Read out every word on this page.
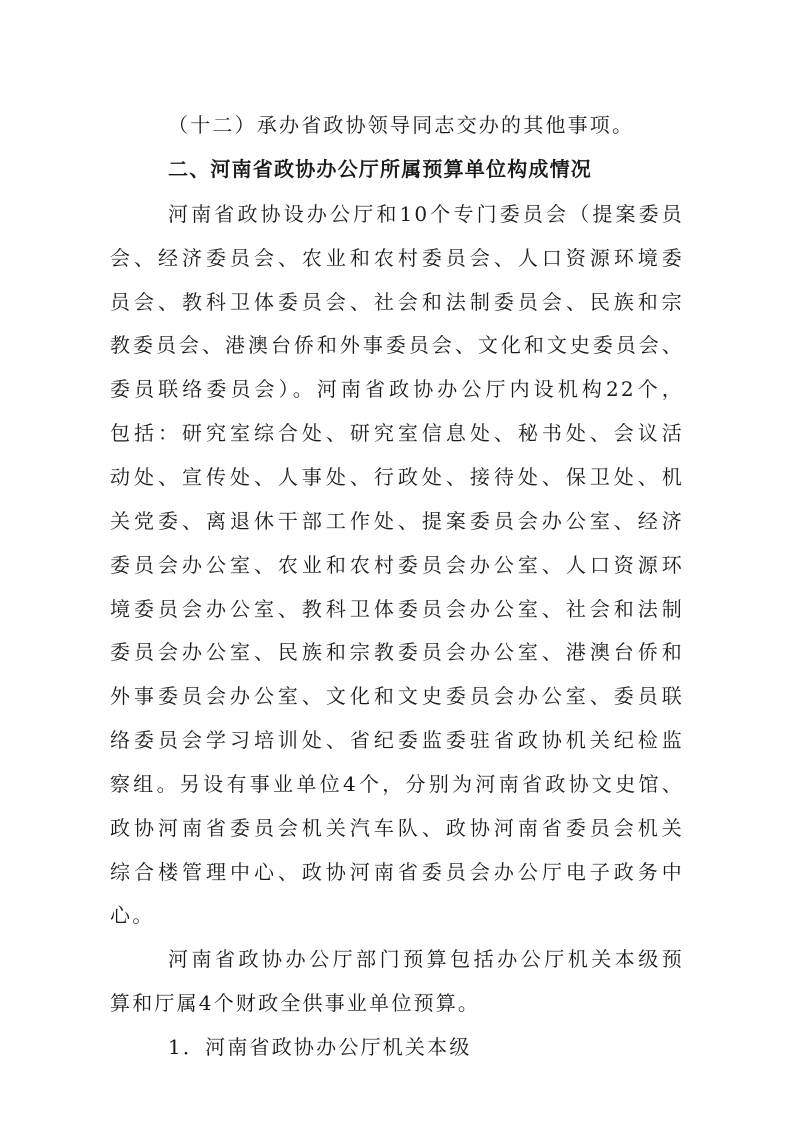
（十二）承办省政协领导同志交办的其他事项。
二、河南省政协办公厅所属预算单位构成情况
河南省政协设办公厅和10个专门委员会（提案委员
会、经济委员会、农业和农村委员会、人口资源环境委
员会、教科卫体委员会、社会和法制委员会、民族和宗
教委员会、港澳台侨和外事委员会、文化和文史委员会、
委员联络委员会）。河南省政协办公厅内设机构22个，
包括：研究室综合处、研究室信息处、秘书处、会议活
动处、宣传处、人事处、行政处、接待处、保卫处、机
关党委、离退休干部工作处、提案委员会办公室、经济
委员会办公室、农业和农村委员会办公室、人口资源环
境委员会办公室、教科卫体委员会办公室、社会和法制
委员会办公室、民族和宗教委员会办公室、港澳台侨和
外事委员会办公室、文化和文史委员会办公室、委员联
络委员会学习培训处、省纪委监委驻省政协机关纪检监
察组。另设有事业单位4个，分别为河南省政协文史馆、
政协河南省委员会机关汽车队、政协河南省委员会机关
综合楼管理中心、政协河南省委员会办公厅电子政务中
心。
河南省政协办公厅部门预算包括办公厅机关本级预
算和厅属4个财政全供事业单位预算。
1．河南省政协办公厅机关本级
